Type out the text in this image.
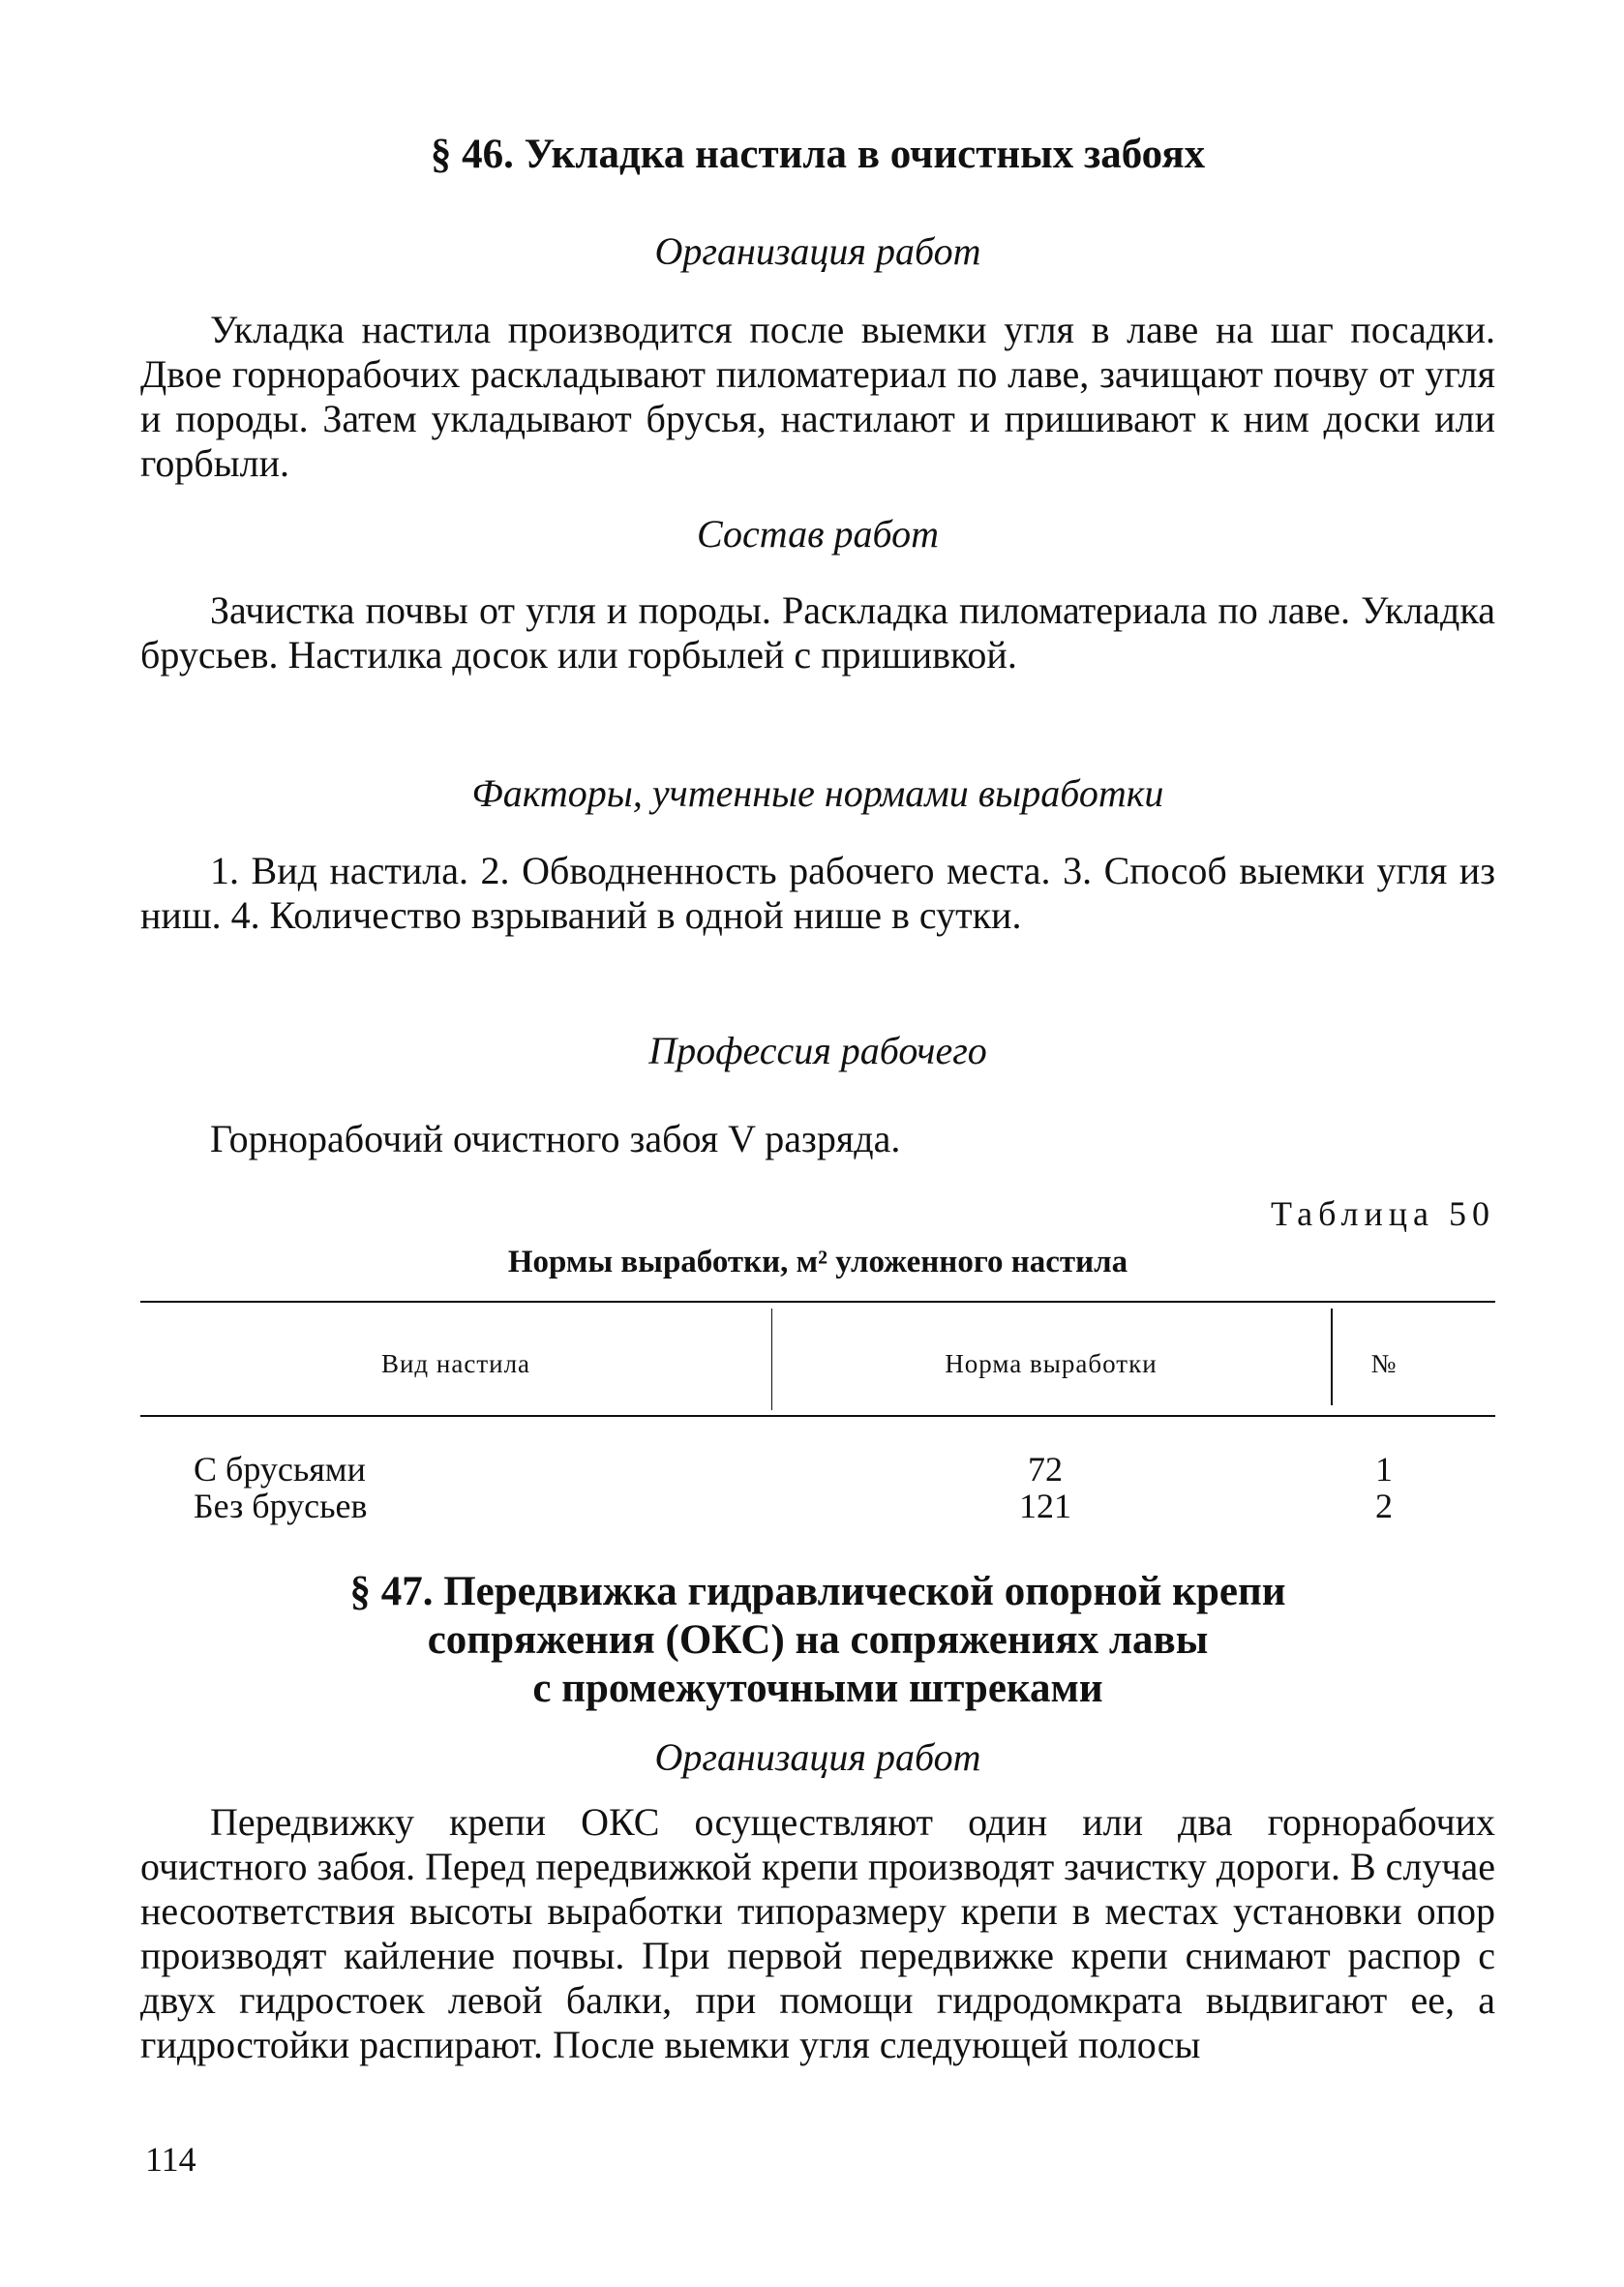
§ 46. Укладка настила в очистных забоях
Организация работ

Укладка настила производится после выемки угля в лаве на шаг посадки. Двое горнорабочих раскладывают пиломатериал по лаве, зачищают почву от угля и породы. Затем укладывают брусья, настилают и пришивают к ним доски или горбыли.

Состав работ

Зачистка почвы от угля и породы. Раскладка пиломатериала по лаве. Укладка брусьев. Настилка досок или горбылей с пришивкой.

Факторы, учтенные нормами выработки

1. Вид настила. 2. Обводненность рабочего места. 3. Способ выемки угля из ниш. 4. Количество взрываний в одной нише в сутки.

Профессия рабочего

Горнорабочий очистного забоя V разряда.

Таблица 50
Нормы выработки, м² уложенного настила
Вид настила	Норма выработки	№
С брусьями	72	1
Без брусьев	121	2
§ 47. Передвижка гидравлической опорной крепи
сопряжения (ОКС) на сопряжениях лавы
с промежуточными штреками
Организация работ

Передвижку крепи ОКС осуществляют один или два горнорабочих очистного забоя. Перед передвижкой крепи производят зачистку дороги. В случае несоответствия высоты выработки типоразмеру крепи в местах установки опор производят кайление почвы. При первой передвижке крепи снимают распор с двух гидростоек левой балки, при помощи гидродомкрата выдвигают ее, а гидростойки распирают. После выемки угля следующей полосы

114
